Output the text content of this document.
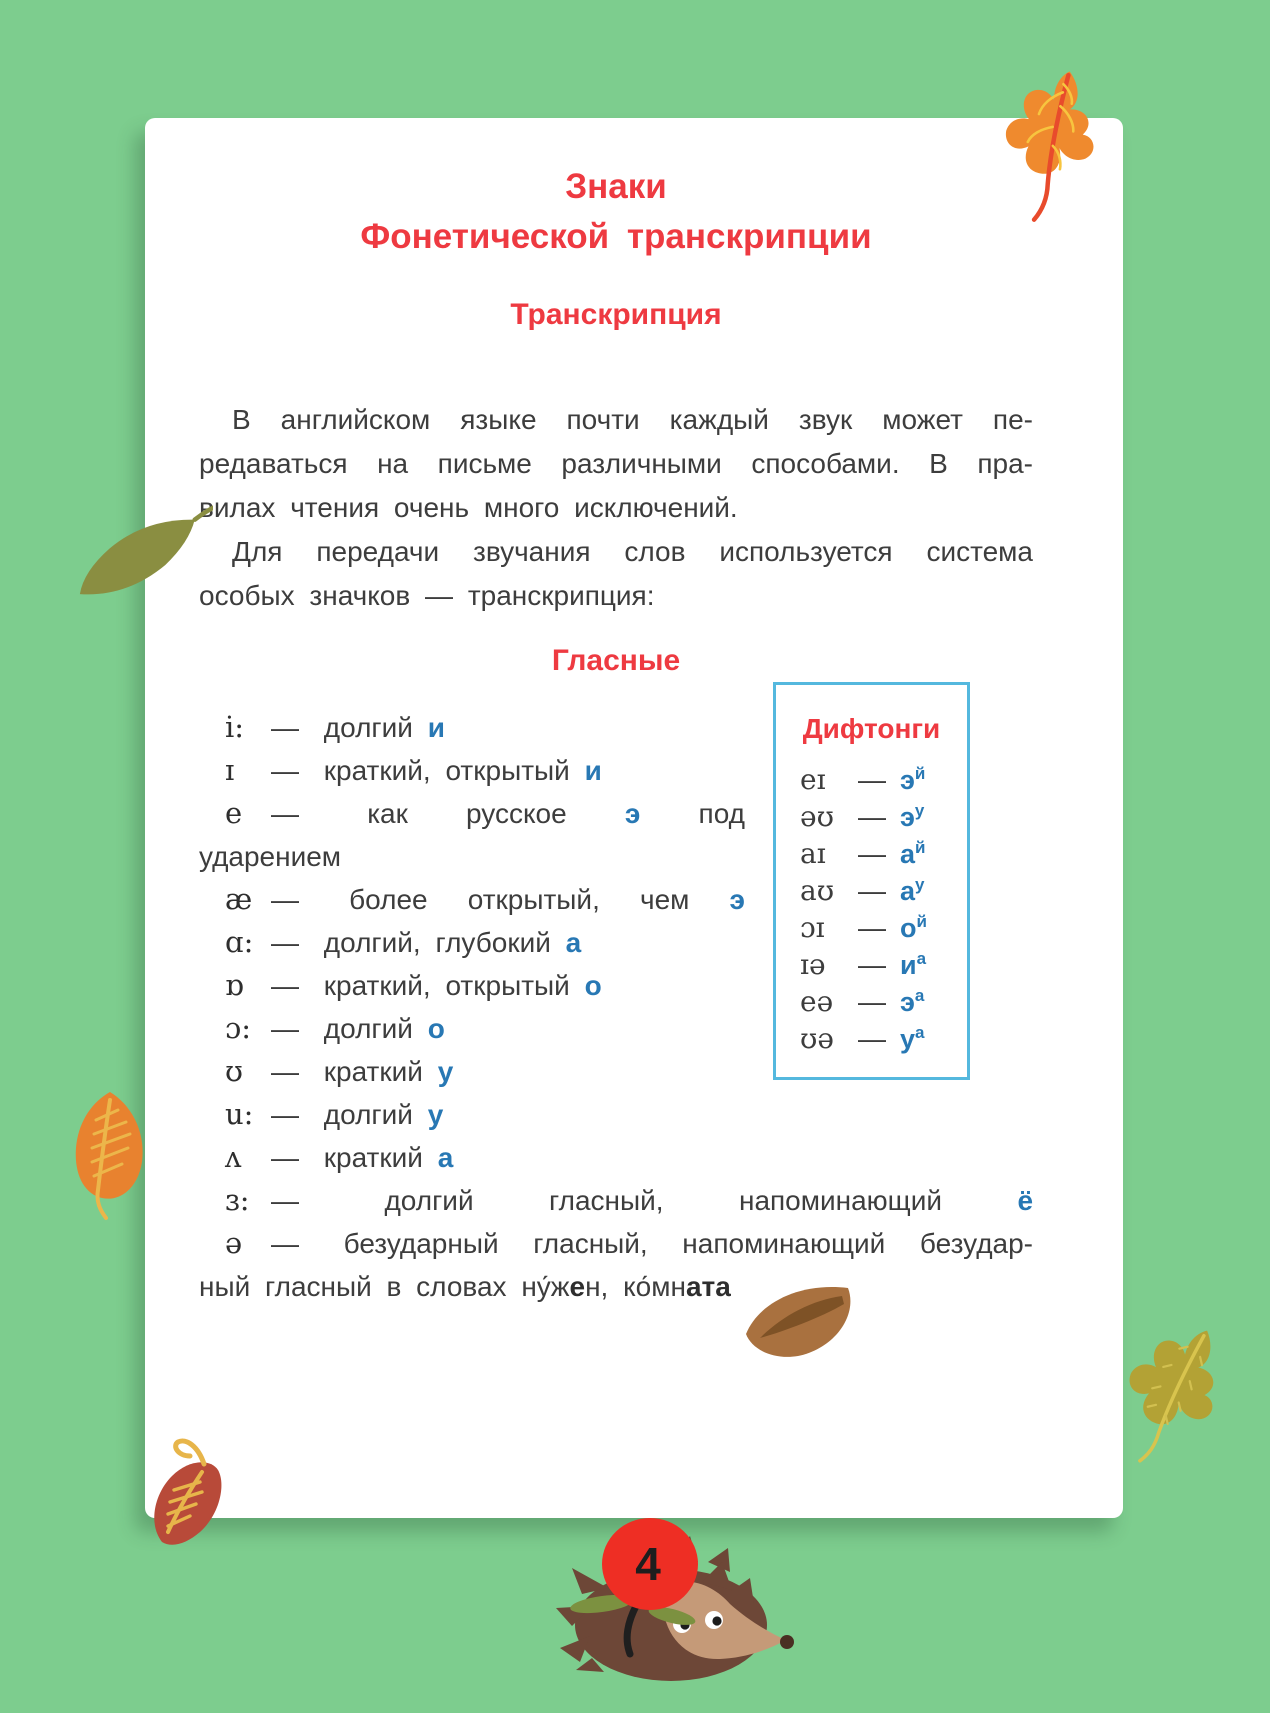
Знаки
Фонетической транскрипции
Транскрипция
В английском языке почти каждый звук может пе-
редаваться на письме различными способами. В пра-
вилах чтения очень много исключений.
Для передачи звучания слов используется система
особых значков — транскрипция:
Гласные
Дифтонги
eɪ	— $э^й$
əʊ — $э^у$
aɪ	— $а^й$
aʊ — $а^у$
ɔɪ	— $о^й$
ɪə	— $и^а$
eə — $э^а$
ʊə — $у^а$
i: — долгий и
ɪ — краткий, открытый и
e — как русское э под
ударением
æ — более открытый, чем э
ɑ: — долгий, глубокий а
ɒ — краткий, открытый о
ɔ: — долгий о
ʊ — краткий у
u: — долгий у
ʌ — краткий а
ɜ: —	долгий гласный, напоминающий ё
ə — безударный гласный, напоминающий безудар-
ный гласный в словах ну́жен, ко́мната
4
